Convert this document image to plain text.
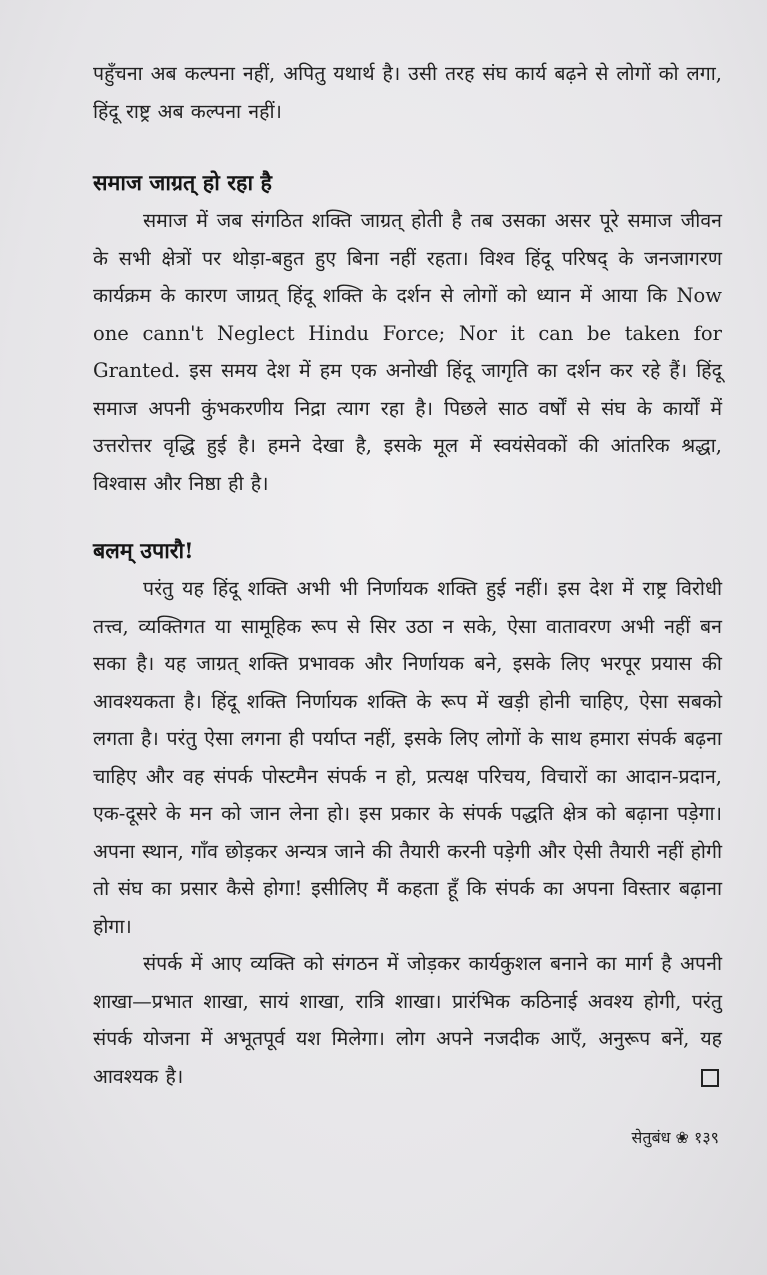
पहुँचना अब कल्पना नहीं, अपितु यथार्थ है। उसी तरह संघ कार्य बढ़ने से लोगों को लगा, हिंदू राष्ट्र अब कल्पना नहीं।

समाज जाग्रत् हो रहा है

समाज में जब संगठित शक्ति जाग्रत् होती है तब उसका असर पूरे समाज जीवन के सभी क्षेत्रों पर थोड़ा-बहुत हुए बिना नहीं रहता। विश्व हिंदू परिषद् के जनजागरण कार्यक्रम के कारण जाग्रत् हिंदू शक्ति के दर्शन से लोगों को ध्यान में आया कि Now one cann't Neglect Hindu Force; Nor it can be taken for Granted. इस समय देश में हम एक अनोखी हिंदू जागृति का दर्शन कर रहे हैं। हिंदू समाज अपनी कुंभकरणीय निद्रा त्याग रहा है। पिछले साठ वर्षों से संघ के कार्यों में उत्तरोत्तर वृद्धि हुई है। हमने देखा है, इसके मूल में स्वयंसेवकों की आंतरिक श्रद्धा, विश्वास और निष्ठा ही है।

बलम् उपारौ!

परंतु यह हिंदू शक्ति अभी भी निर्णायक शक्ति हुई नहीं। इस देश में राष्ट्र विरोधी तत्त्व, व्यक्तिगत या सामूहिक रूप से सिर उठा न सके, ऐसा वातावरण अभी नहीं बन सका है। यह जाग्रत् शक्ति प्रभावक और निर्णायक बने, इसके लिए भरपूर प्रयास की आवश्यकता है। हिंदू शक्ति निर्णायक शक्ति के रूप में खड़ी होनी चाहिए, ऐसा सबको लगता है। परंतु ऐसा लगना ही पर्याप्त नहीं, इसके लिए लोगों के साथ हमारा संपर्क बढ़ना चाहिए और वह संपर्क पोस्टमैन संपर्क न हो, प्रत्यक्ष परिचय, विचारों का आदान-प्रदान, एक-दूसरे के मन को जान लेना हो। इस प्रकार के संपर्क पद्धति क्षेत्र को बढ़ाना पड़ेगा। अपना स्थान, गाँव छोड़कर अन्यत्र जाने की तैयारी करनी पड़ेगी और ऐसी तैयारी नहीं होगी तो संघ का प्रसार कैसे होगा! इसीलिए मैं कहता हूँ कि संपर्क का अपना विस्तार बढ़ाना होगा।

संपर्क में आए व्यक्ति को संगठन में जोड़कर कार्यकुशल बनाने का मार्ग है अपनी शाखा—प्रभात शाखा, सायं शाखा, रात्रि शाखा। प्रारंभिक कठिनाई अवश्य होगी, परंतु संपर्क योजना में अभूतपूर्व यश मिलेगा। लोग अपने नजदीक आएँ, अनुरूप बनें, यह आवश्यक है।

सेतुबंध ❀ १३९
